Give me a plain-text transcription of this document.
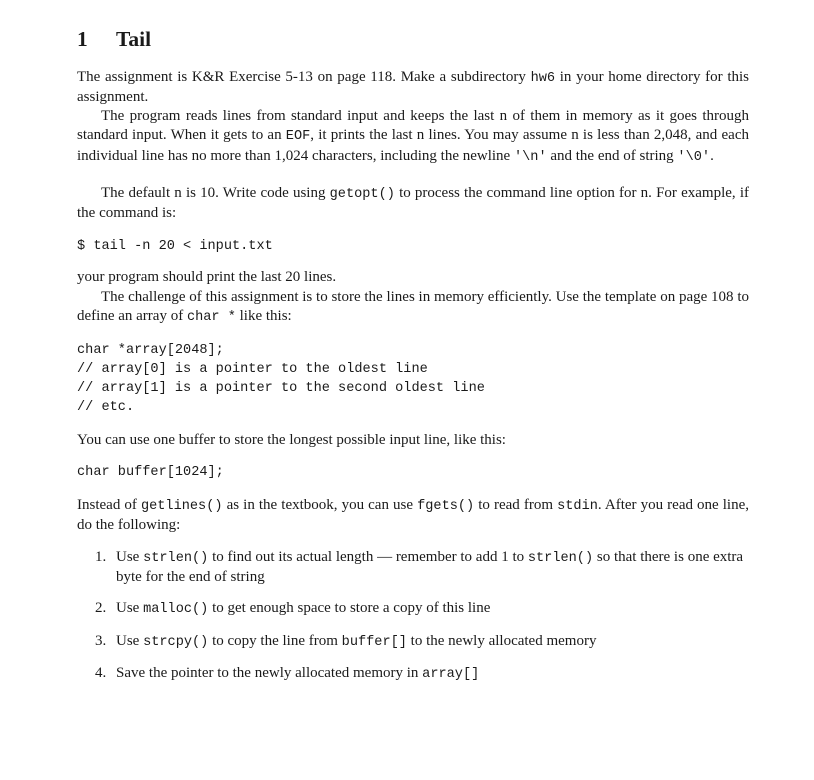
1 Tail
The assignment is K&R Exercise 5-13 on page 118. Make a subdirectory hw6 in your home directory for this assignment.
The program reads lines from standard input and keeps the last n of them in memory as it goes through standard input. When it gets to an EOF, it prints the last n lines. You may assume n is less than 2,048, and each individual line has no more than 1,024 characters, including the newline '\n' and the end of string '\0'.
The default n is 10. Write code using getopt() to process the command line option for n. For example, if the command is:
$ tail -n 20 < input.txt
your program should print the last 20 lines.
The challenge of this assignment is to store the lines in memory efficiently. Use the template on page 108 to define an array of char * like this:
char *array[2048];
// array[0] is a pointer to the oldest line
// array[1] is a pointer to the second oldest line
// etc.
You can use one buffer to store the longest possible input line, like this:
char buffer[1024];
Instead of getlines() as in the textbook, you can use fgets() to read from stdin. After you read one line, do the following:
1. Use strlen() to find out its actual length — remember to add 1 to strlen() so that there is one extra byte for the end of string
2. Use malloc() to get enough space to store a copy of this line
3. Use strcpy() to copy the line from buffer[] to the newly allocated memory
4. Save the pointer to the newly allocated memory in array[]
